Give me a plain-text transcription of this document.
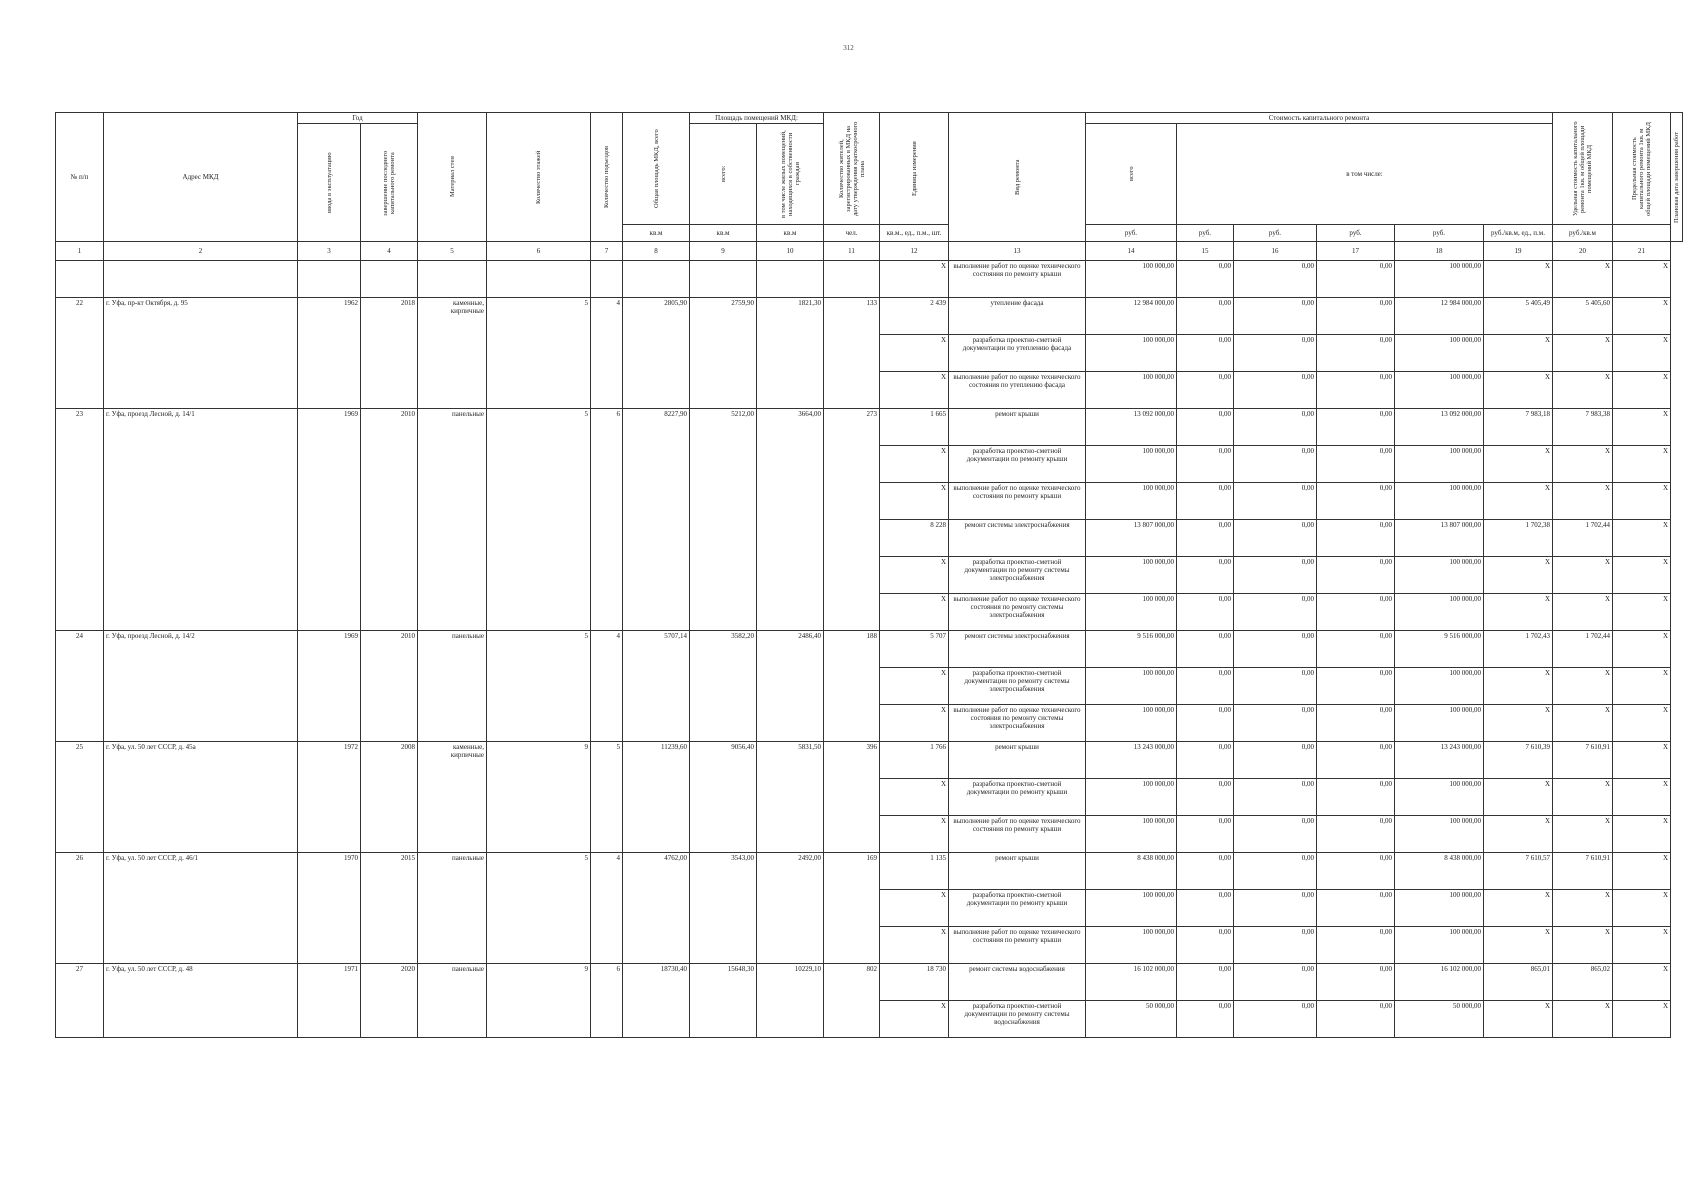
312
№ п/п	Адрес МКД	Год		Материал стен	Количество этажей	Количество подъездов	Общая площадь МКД, всего	Площадь помещений МКД:		Количество жителей, зарегистрированных в МКД на дату утверждения краткосрочного плана	Единица измерения	Вид ремонта	Стоимость капитального ремонта						Удельная стоимость капитального ремонта 1кв. м общей площади помещений МКД	Предельная стоимость капитального ремонта 1кв. м общей площади помещений МКД	Плановая дата завершения работ

		ввода в эксплуатацию	завершение последнего капитального ремонта					всего:	в том числе жилых помещений, находящихся в собственности граждан				всего	в том числе:							
							кв.м	кв.м	кв.м	чел.	кв.м., ед., п.м., шт.		руб.	руб.	руб.	руб.	руб.	руб./кв.м, ед., п.м.	руб./кв.м		
1	2	3	4	5	6	7	8	9	10	11	12	13	14	15	16	17	18	19	20	21	
											X	выполнение работ по оценке технического состояния по ремонту крыши	100 000,00	0,00	0,00	0,00	100 000,00	X	X	X	
22	г. Уфа, пр-кт Октября, д. 95	1962	2018	каменные, кирпичные	5	4	2805,90	2759,90	1821,30	133	2 439	утепление фасада	12 984 000,00	0,00	0,00	0,00	12 984 000,00	5 405,49	5 405,60	X	
											X	разработка проектно-сметной документации по утеплению фасада	100 000,00	0,00	0,00	0,00	100 000,00	X	X	X	
											X	выполнение работ по оценке технического состояния по утеплению фасада	100 000,00	0,00	0,00	0,00	100 000,00	X	X	X	
23	г. Уфа, проезд Лесной, д. 14/1	1969	2010	панельные	5	6	8227,90	5212,00	3664,00	273	1 665	ремонт крыши	13 092 000,00	0,00	0,00	0,00	13 092 000,00	7 983,18	7 983,38	X	
											X	разработка проектно-сметной документации по ремонту крыши	100 000,00	0,00	0,00	0,00	100 000,00	X	X	X	
											X	выполнение работ по оценке технического состояния по ремонту крыши	100 000,00	0,00	0,00	0,00	100 000,00	X	X	X	
											8 228	ремонт системы электроснабжения	13 807 000,00	0,00	0,00	0,00	13 807 000,00	1 702,38	1 702,44	X	
											X	разработка проектно-сметной документации по ремонту системы электроснабжения	100 000,00	0,00	0,00	0,00	100 000,00	X	X	X	
											X	выполнение работ по оценке технического состояния по ремонту системы электроснабжения	100 000,00	0,00	0,00	0,00	100 000,00	X	X	X	
24	г. Уфа, проезд Лесной, д. 14/2	1969	2010	панельные	5	4	5707,14	3582,20	2486,40	188	5 707	ремонт системы электроснабжения	9 516 000,00	0,00	0,00	0,00	9 516 000,00	1 702,43	1 702,44	X	
											X	разработка проектно-сметной документации по ремонту системы электроснабжения	100 000,00	0,00	0,00	0,00	100 000,00	X	X	X	
											X	выполнение работ по оценке технического состояния по ремонту системы электроснабжения	100 000,00	0,00	0,00	0,00	100 000,00	X	X	X	
25	г. Уфа, ул. 50 лет СССР, д. 45а	1972	2008	каменные, кирпичные	9	5	11239,60	9056,40	5831,50	396	1 766	ремонт крыши	13 243 000,00	0,00	0,00	0,00	13 243 000,00	7 610,39	7 610,91	X	
											X	разработка проектно-сметной документации по ремонту крыши	100 000,00	0,00	0,00	0,00	100 000,00	X	X	X	
											X	выполнение работ по оценке технического состояния по ремонту крыши	100 000,00	0,00	0,00	0,00	100 000,00	X	X	X	
26	г. Уфа, ул. 50 лет СССР, д. 46/1	1970	2015	панельные	5	4	4762,00	3543,00	2492,00	169	1 135	ремонт крыши	8 438 000,00	0,00	0,00	0,00	8 438 000,00	7 610,57	7 610,91	X	
											X	разработка проектно-сметной документации по ремонту крыши	100 000,00	0,00	0,00	0,00	100 000,00	X	X	X	
											X	выполнение работ по оценке технического состояния по ремонту крыши	100 000,00	0,00	0,00	0,00	100 000,00	X	X	X	
27	г. Уфа, ул. 50 лет СССР, д. 48	1971	2020	панельные	9	6	18730,40	15648,30	10229,10	802	18 730	ремонт системы водоснабжения	16 102 000,00	0,00	0,00	0,00	16 102 000,00	865,01	865,02	X	
											X	разработка проектно-сметной документации по ремонту системы водоснабжения	50 000,00	0,00	0,00	0,00	50 000,00	X	X	X	
